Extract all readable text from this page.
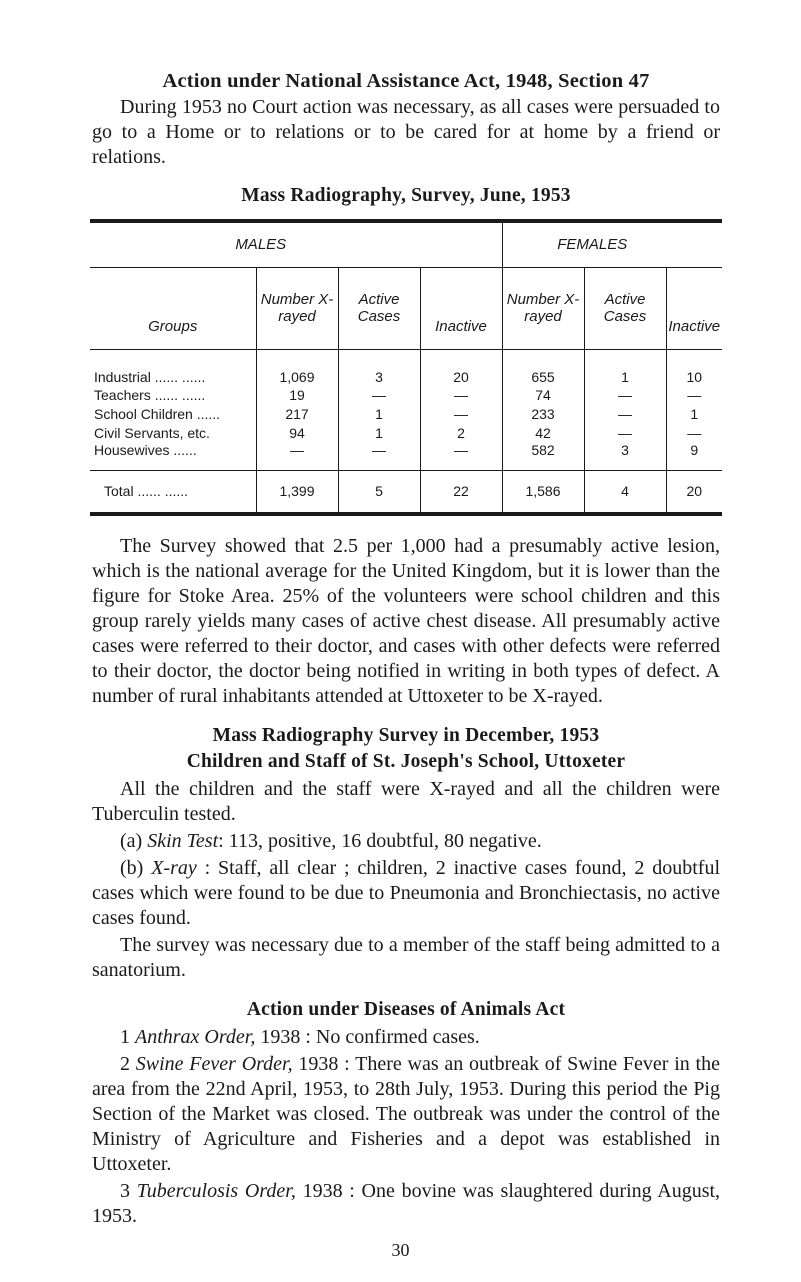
Action under National Assistance Act, 1948, Section 47

During 1953 no Court action was necessary, as all cases were persuaded to go to a Home or to relations or to be cared for at home by a friend or relations.

Mass Radiography, Survey, June, 1953
MALES				FEMALES		
Groups	Number X-rayed	Active Cases	Inactive	Number X-rayed	Active Cases	Inactive
Industrial ...... ......	1,069	3	20	655	1	10
Teachers ...... ......	19	—	—	74	—	—
School Children ......	217	1	—	233	—	1
Civil Servants, etc.	94	1	2	42	—	—
Housewives ......	—	—	—	582	3	9
Total ...... ......	1,399	5	22	1,586	4	20

The Survey showed that 2.5 per 1,000 had a presumably active lesion, which is the national average for the United Kingdom, but it is lower than the figure for Stoke Area. 25% of the volunteers were school children and this group rarely yields many cases of active chest disease. All presumably active cases were referred to their doctor, and cases with other defects were referred to their doctor, the doctor being notified in writing in both types of defect. A number of rural inhabitants attended at Uttoxeter to be X-rayed.

Mass Radiography Survey in December, 1953
Children and Staff of St. Joseph's School, Uttoxeter

All the children and the staff were X-rayed and all the children were Tuberculin tested.

(a) Skin Test: 113, positive, 16 doubtful, 80 negative.

(b) X-ray : Staff, all clear ; children, 2 inactive cases found, 2 doubtful cases which were found to be due to Pneumonia and Bronchiectasis, no active cases found.

The survey was necessary due to a member of the staff being admitted to a sanatorium.

Action under Diseases of Animals Act

1 Anthrax Order, 1938 : No confirmed cases.

2 Swine Fever Order, 1938 : There was an outbreak of Swine Fever in the area from the 22nd April, 1953, to 28th July, 1953. During this period the Pig Section of the Market was closed. The outbreak was under the control of the Ministry of Agriculture and Fisheries and a depot was established in Uttoxeter.

3 Tuberculosis Order, 1938 : One bovine was slaughtered during August, 1953.

30
